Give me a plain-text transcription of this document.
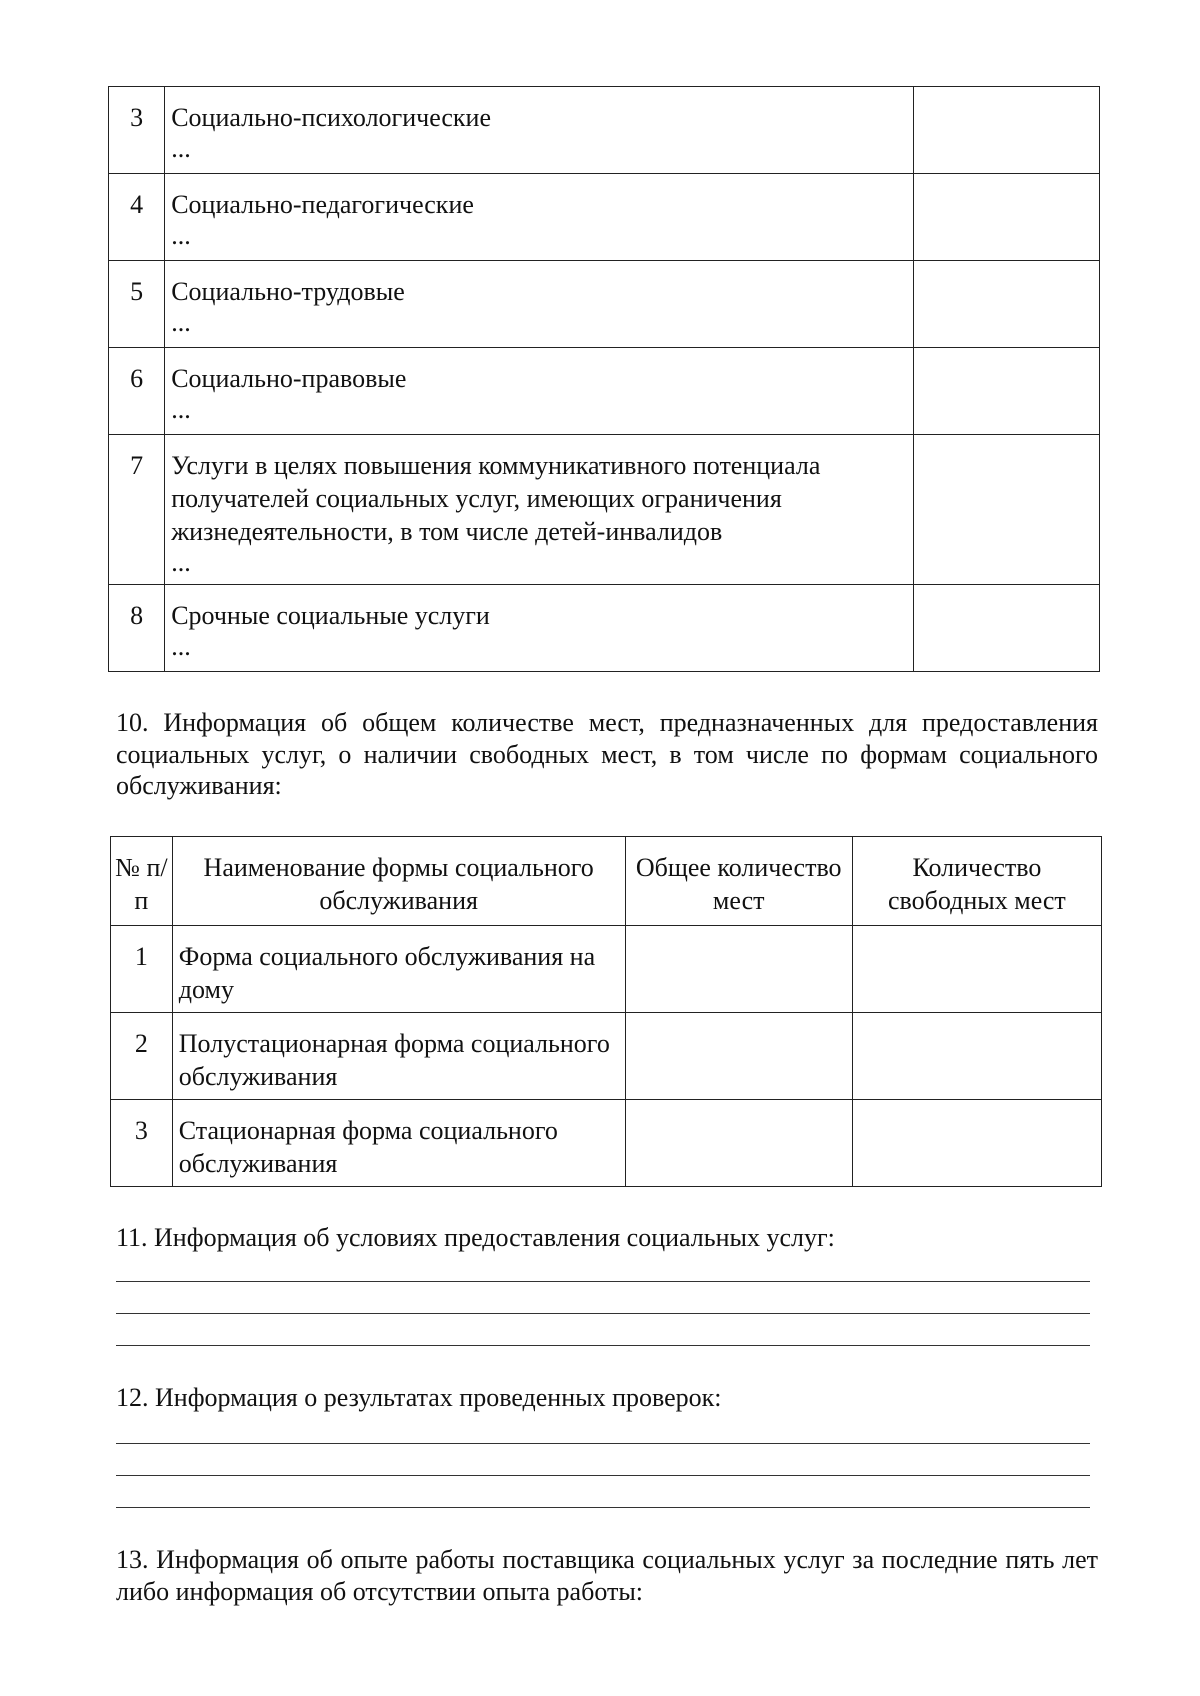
3	Социально-психологические
...	

4	Социально-педагогические
...	

5	Социально-трудовые
...	

6	Социально-правовые
...	

7	Услуги в целях повышения коммуникативного потенциала получателей социальных услуг, имеющих ограничения жизнедеятельности, в том числе детей-инвалидов
...	

8	Срочные социальные услуги
...	

10. Информация об общем количестве мест, предназначенных для предоставления социальных услуг, о наличии свободных мест, в том числе по формам социального обслуживания:
№ п/п	Наименование формы социального обслуживания	Общее количество мест	Количество свободных мест
1	Форма социального обслуживания на дому		
2	Полустационарная форма социального обслуживания		
3	Стационарная форма социального обслуживания		
11. Информация об условиях предоставления социальных услуг:
12. Информация о результатах проведенных проверок:
13. Информация об опыте работы поставщика социальных услуг за последние пять лет либо информация об отсутствии опыта работы:
